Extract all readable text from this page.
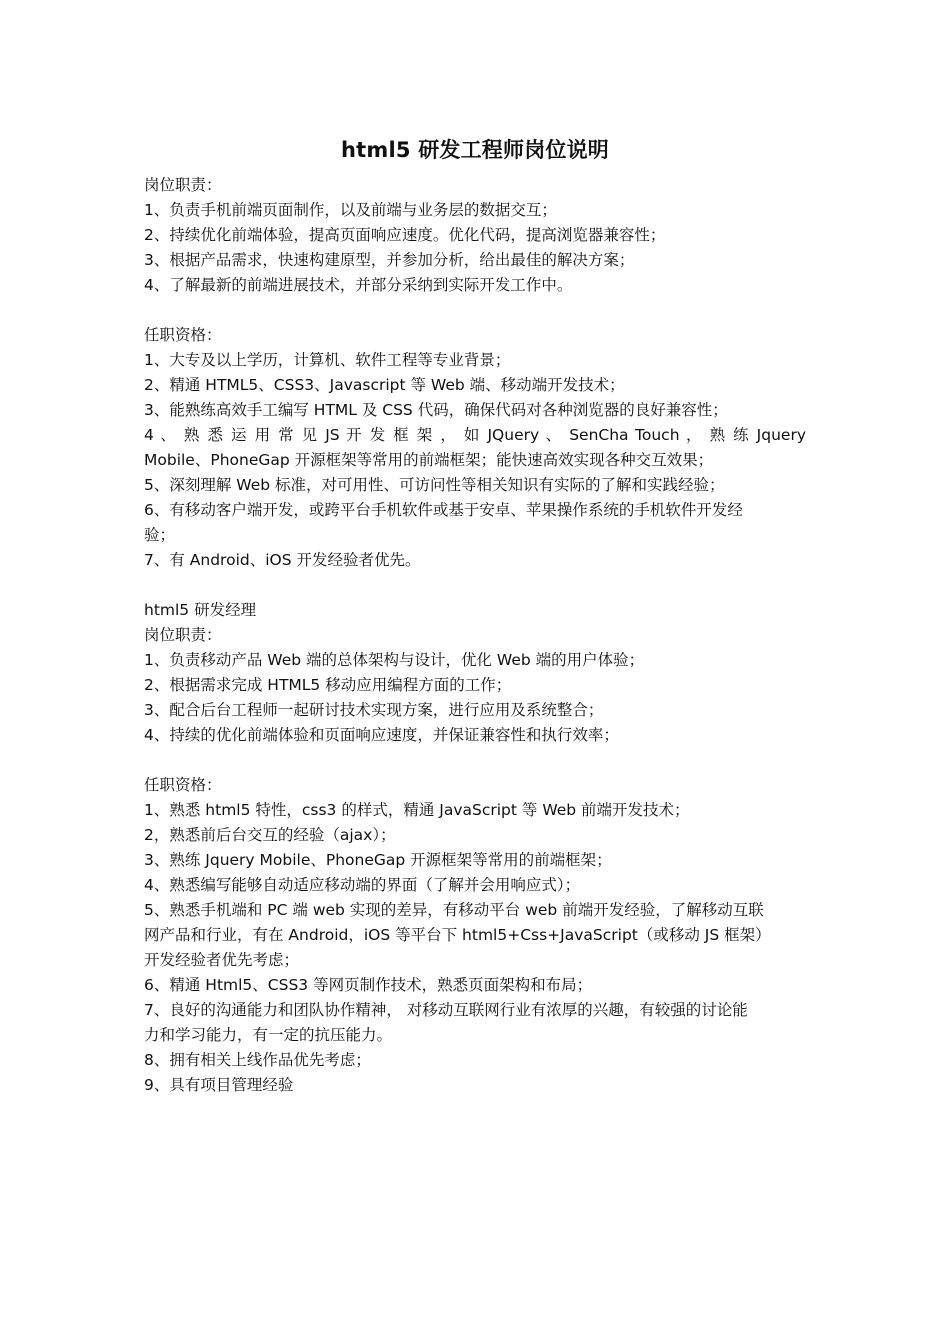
html5 研发工程师岗位说明
岗位职责：
1、负责手机前端页面制作，以及前端与业务层的数据交互；
2、持续优化前端体验，提高页面响应速度。优化代码，提高浏览器兼容性；
3、根据产品需求，快速构建原型，并参加分析，给出最佳的解决方案；
4、了解最新的前端进展技术，并部分采纳到实际开发工作中。
任职资格：
1、大专及以上学历，计算机、软件工程等专业背景；
2、精通 HTML5、CSS3、Javascript 等 Web 端、移动端开发技术；
3、能熟练高效手工编写 HTML 及 CSS 代码，确保代码对各种浏览器的良好兼容性；
4 、 熟 悉 运 用 常 见 JS 开 发 框 架 ， 如 JQuery 、 SenCha Touch ， 熟 练 Jquery
Mobile、PhoneGap 开源框架等常用的前端框架；能快速高效实现各种交互效果；
5、深刻理解 Web 标准，对可用性、可访问性等相关知识有实际的了解和实践经验；
6、有移动客户端开发，或跨平台手机软件或基于安卓、苹果操作系统的手机软件开发经
验；
7、有 Android、iOS 开发经验者优先。
html5 研发经理
岗位职责：
1、负责移动产品 Web 端的总体架构与设计，优化 Web 端的用户体验；
2、根据需求完成 HTML5 移动应用编程方面的工作；
3、配合后台工程师一起研讨技术实现方案，进行应用及系统整合；
4、持续的优化前端体验和页面响应速度，并保证兼容性和执行效率；
任职资格：
1、熟悉 html5 特性，css3 的样式，精通 JavaScript 等 Web 前端开发技术；
2，熟悉前后台交互的经验（ajax）；
3、熟练 Jquery Mobile、PhoneGap 开源框架等常用的前端框架；
4、熟悉编写能够自动适应移动端的界面（了解并会用响应式）；
5、熟悉手机端和 PC 端 web 实现的差异，有移动平台 web 前端开发经验，了解移动互联
网产品和行业，有在 Android，iOS 等平台下 html5+Css+JavaScript（或移动 JS 框架）
开发经验者优先考虑；
6、精通 Html5、CSS3 等网页制作技术，熟悉页面架构和布局；
7、良好的沟通能力和团队协作精神， 对移动互联网行业有浓厚的兴趣，有较强的讨论能
力和学习能力，有一定的抗压能力。
8、拥有相关上线作品优先考虑；
9、具有项目管理经验
